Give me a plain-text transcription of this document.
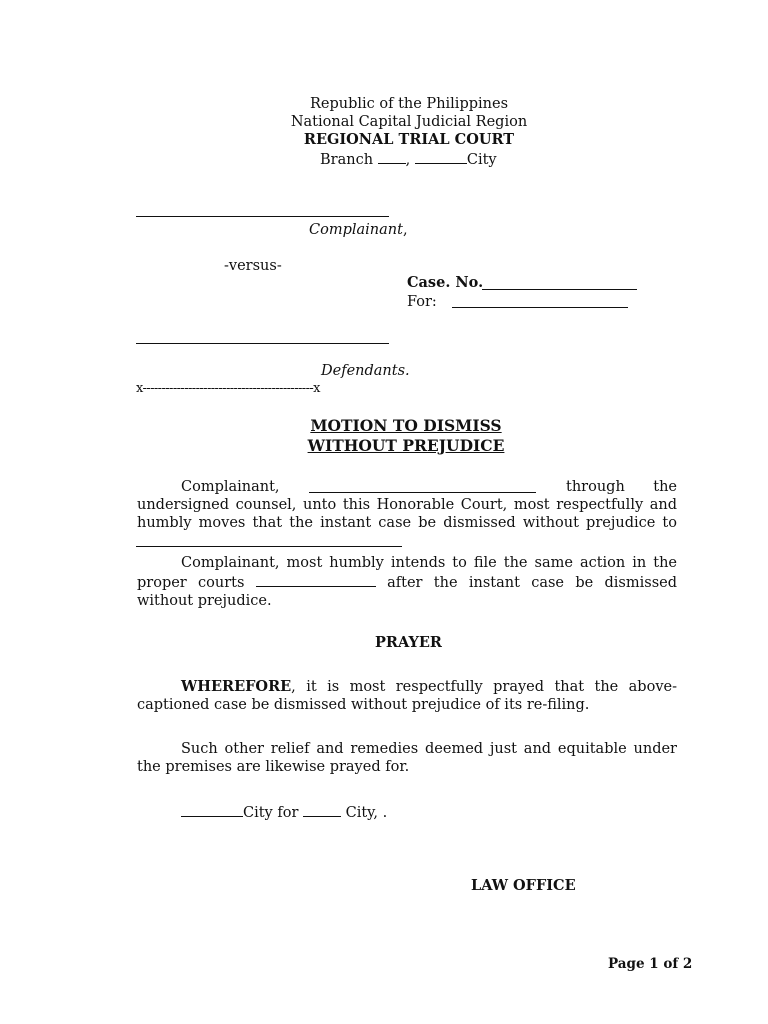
Republic of the Philippines
National Capital Judicial Region
REGIONAL TRIAL COURT
Branch ,	City
Complainant,
-versus-
Case. No.
For:
Defendants.
x---------------------------------------------x
MOTION TO DISMISS
WITHOUT PREJUDICE
Complainant,	through the
undersigned counsel, unto this Honorable Court, most respectfully and humbly moves that the instant case be dismissed without prejudice to
Complainant, most humbly intends to file the same action in the proper courts	after the instant case be dismissed without prejudice.
PRAYER
WHEREFORE, it is most respectfully prayed that the above-captioned case be dismissed without prejudice of its re-filing.
Such other relief and remedies deemed just and equitable under the premises are likewise prayed for.
City for	City, .
LAW OFFICE
Page 1 of 2
